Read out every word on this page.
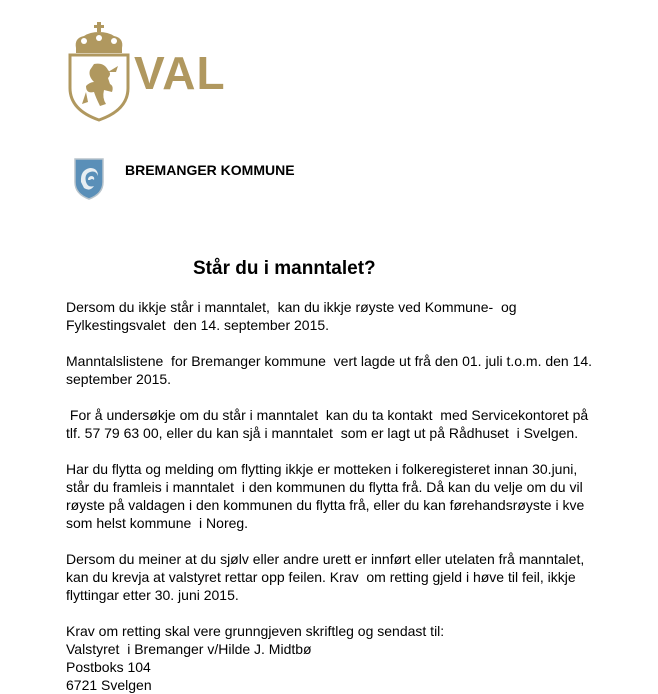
VAL
BREMANGER KOMMUNE
Står du i manntalet?

Dersom du ikkje står i manntalet,  kan du ikkje røyste ved Kommune-  og
Fylkestingsvalet  den 14. september 2015.

Manntalslistene  for Bremanger kommune  vert lagde ut frå den 01. juli t.o.m. den 14.
september 2015.

For å undersøkje om du står i manntalet  kan du ta kontakt  med Servicekontoret på
tlf. 57 79 63 00, eller du kan sjå i manntalet  som er lagt ut på Rådhuset  i Svelgen.

Har du flytta og melding om flytting ikkje er motteken i folkeregisteret innan 30.juni,
står du framleis i manntalet  i den kommunen du flytta frå. Då kan du velje om du vil
røyste på valdagen i den kommunen du flytta frå, eller du kan førehandsrøyste i kve
som helst kommune  i Noreg.

Dersom du meiner at du sjølv eller andre urett er innført eller utelaten frå manntalet,
kan du krevja at valstyret rettar opp feilen. Krav  om retting gjeld i høve til feil, ikkje
flyttingar etter 30. juni 2015.

Krav om retting skal vere grunngjeven skriftleg og sendast til:
Valstyret  i Bremanger v/Hilde J. Midtbø
Postboks 104
6721 Svelgen
